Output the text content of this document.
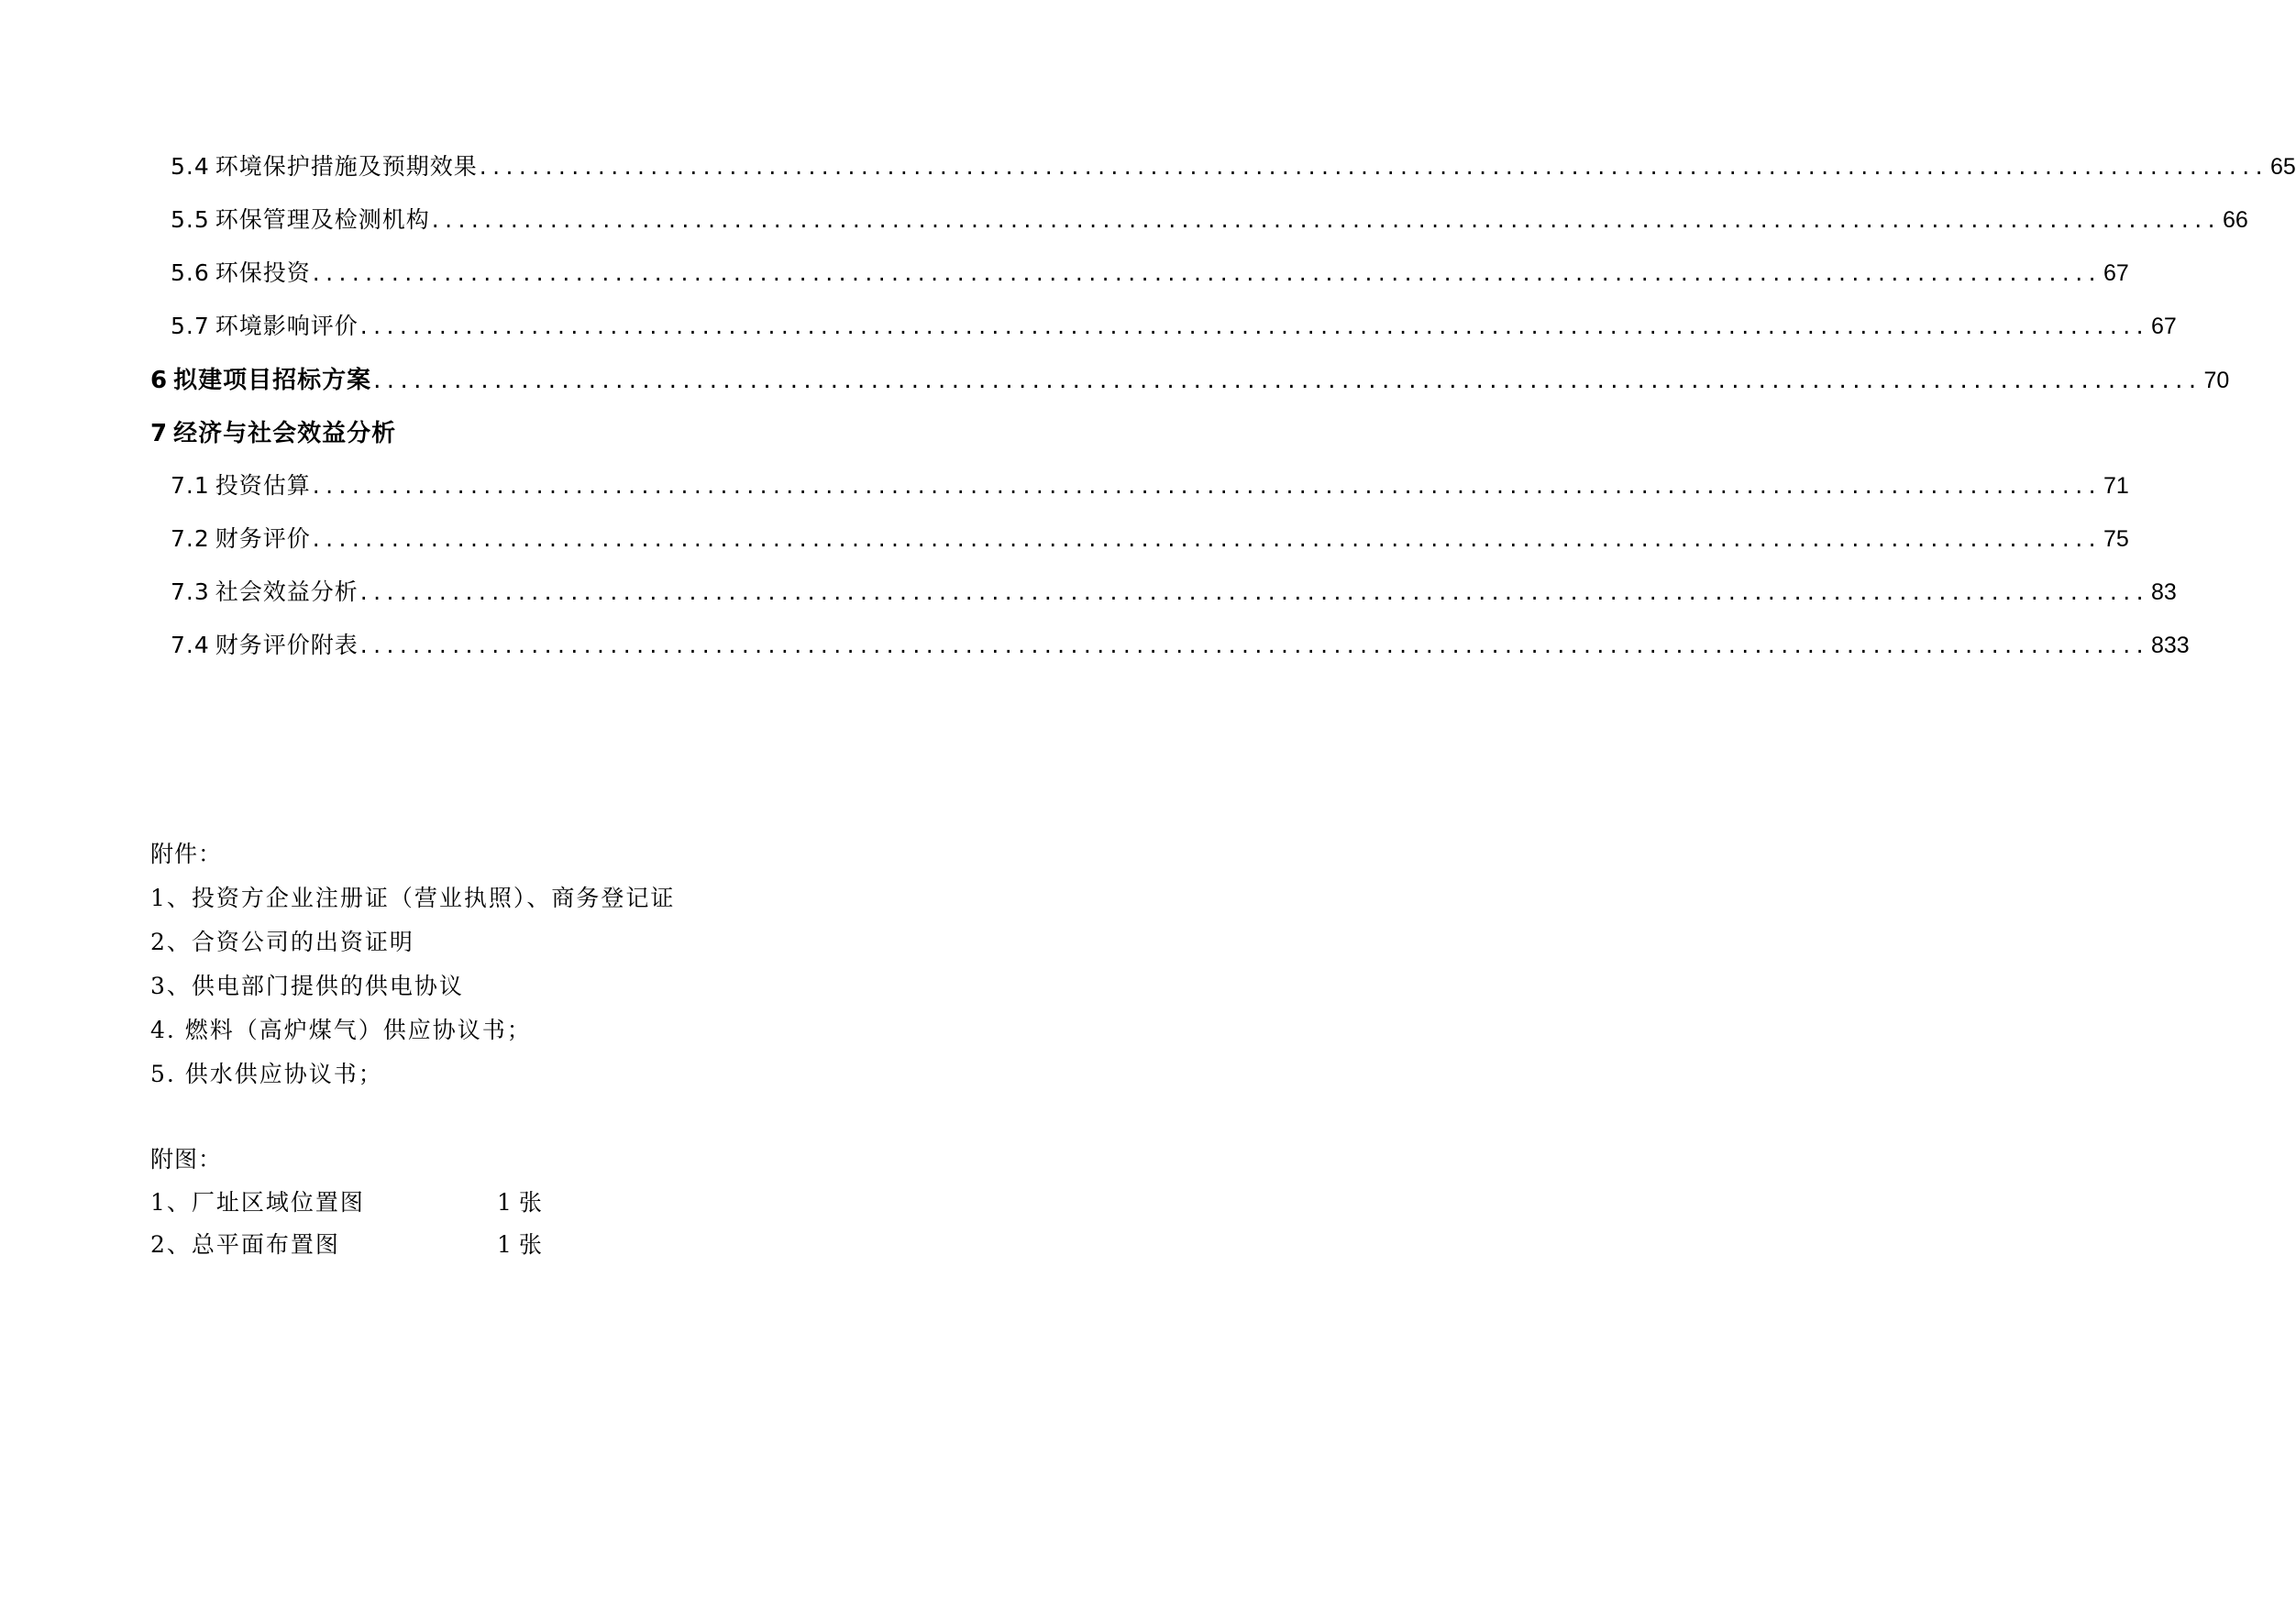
5.4 环境保护措施及预期效果 ........................................................................................................................................ 65
5.5 环保管理及检测机构 ........................................................................................................................................ 66
5.6 环保投资 ........................................................................................................................................ 67
5.7 环境影响评价 ........................................................................................................................................ 67
6 拟建项目招标方案 ........................................................................................................................................ 70
7 经济与社会效益分析
7.1 投资估算 ........................................................................................................................................ 71
7.2 财务评价 ........................................................................................................................................ 75
7.3 社会效益分析 ........................................................................................................................................ 83
7.4 财务评价附表 ........................................................................................................................................ 833
附件：
1、投资方企业注册证（营业执照）、商务登记证
2、合资公司的出资证明
3、供电部门提供的供电协议
4. 燃料（高炉煤气）供应协议书；
5. 供水供应协议书；
附图：
1、厂址区域位置图	1 张
2、总平面布置图	1 张
